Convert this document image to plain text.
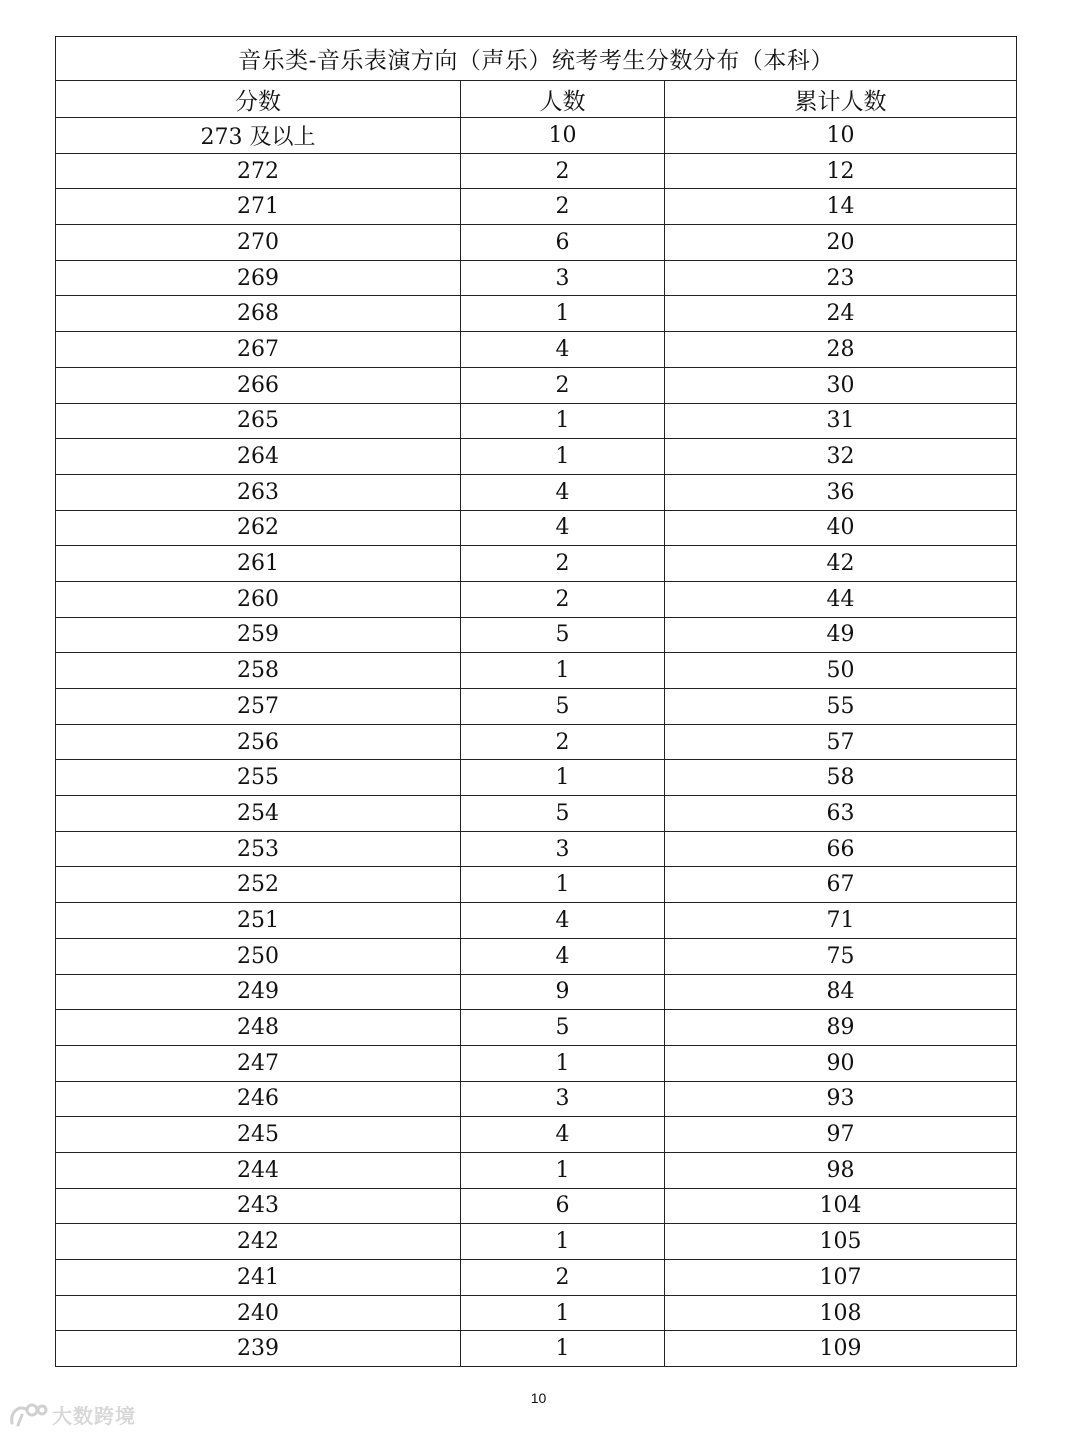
音乐类-音乐表演方向（声乐）统考考生分数分布（本科）		
分数	人数	累计人数
273 及以上	10	10
272	2	12
271	2	14
270	6	20
269	3	23
268	1	24
267	4	28
266	2	30
265	1	31
264	1	32
263	4	36
262	4	40
261	2	42
260	2	44
259	5	49
258	1	50
257	5	55
256	2	57
255	1	58
254	5	63
253	3	66
252	1	67
251	4	71
250	4	75
249	9	84
248	5	89
247	1	90
246	3	93
245	4	97
244	1	98
243	6	104
242	1	105
241	2	107
240	1	108
239	1	109
10
大数跨境
